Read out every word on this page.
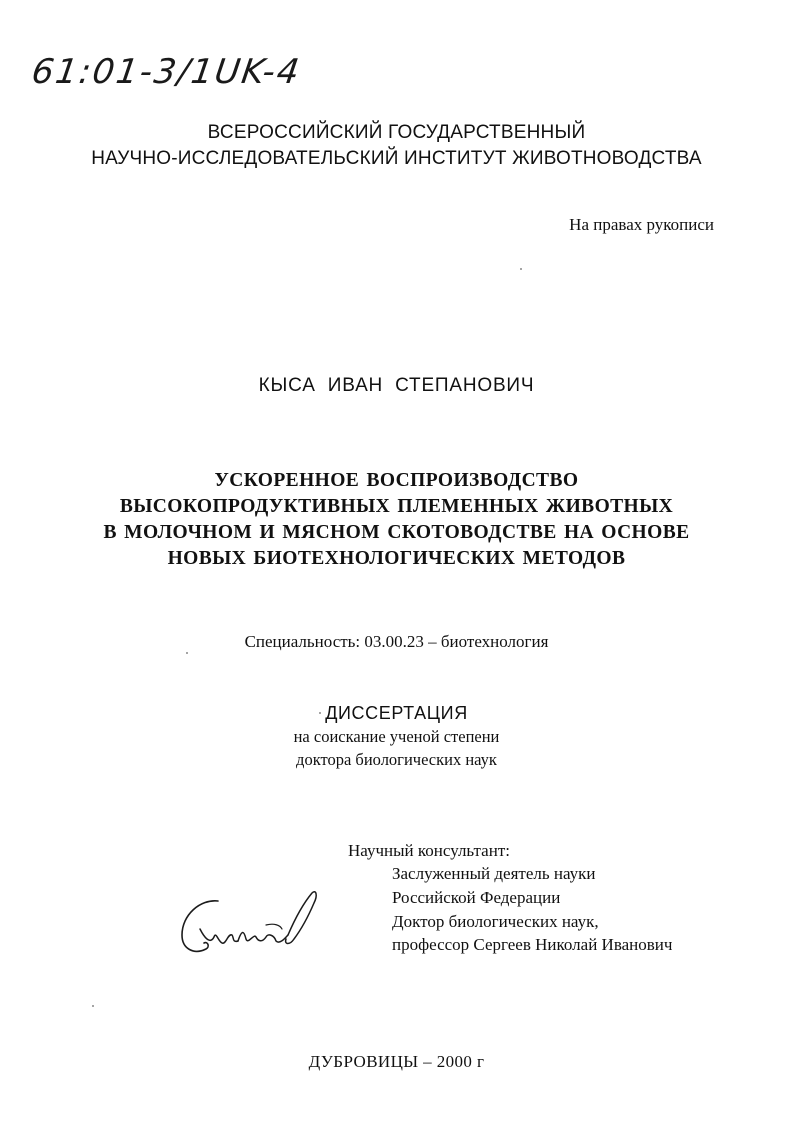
61:01-3/1UK-4
ВСЕРОССИЙСКИЙ ГОСУДАРСТВЕННЫЙ
НАУЧНО-ИССЛЕДОВАТЕЛЬСКИЙ ИНСТИТУТ ЖИВОТНОВОДСТВА
На правах рукописи
КЫСА ИВАН СТЕПАНОВИЧ
УСКОРЕННОЕ ВОСПРОИЗВОДСТВО
ВЫСОКОПРОДУКТИВНЫХ ПЛЕМЕННЫХ ЖИВОТНЫХ
В МОЛОЧНОМ И МЯСНОМ СКОТОВОДСТВЕ НА ОСНОВЕ
НОВЫХ БИОТЕХНОЛОГИЧЕСКИХ МЕТОДОВ
Специальность: 03.00.23 – биотехнология
ДИССЕРТАЦИЯ
на соискание ученой степени
доктора биологических наук
Научный консультант:
Заслуженный деятель науки
Российской Федерации
Доктор биологических наук,
профессор Сергеев Николай Иванович
ДУБРОВИЦЫ – 2000 г
